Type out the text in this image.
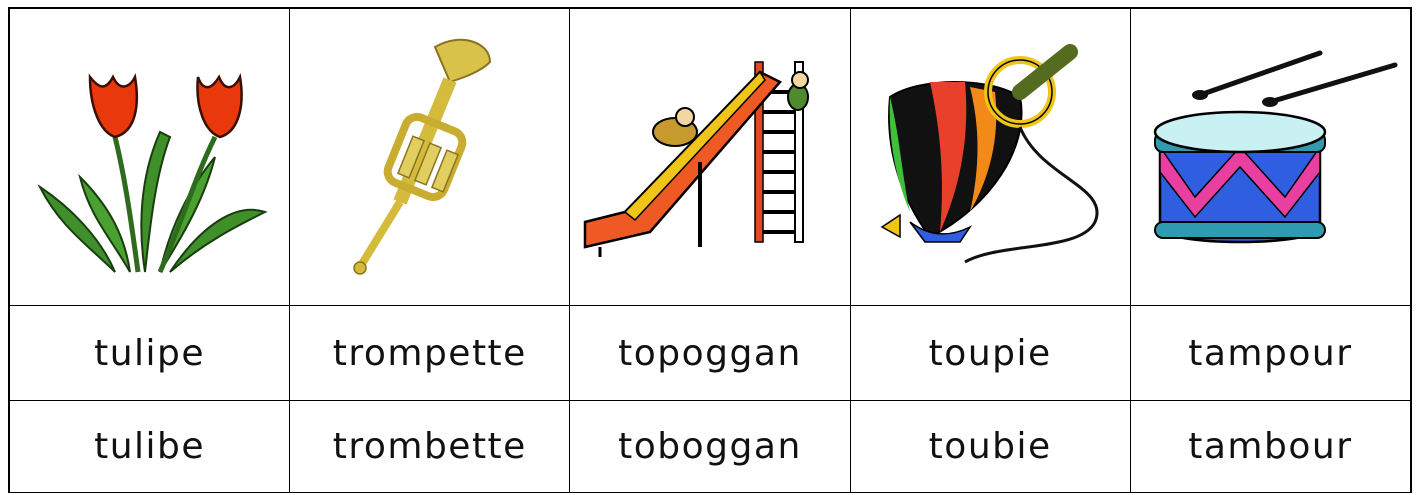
tulipe	trompette	topoggan	toupie	tampour
tulibe	trombette	toboggan	toubie	tambour
